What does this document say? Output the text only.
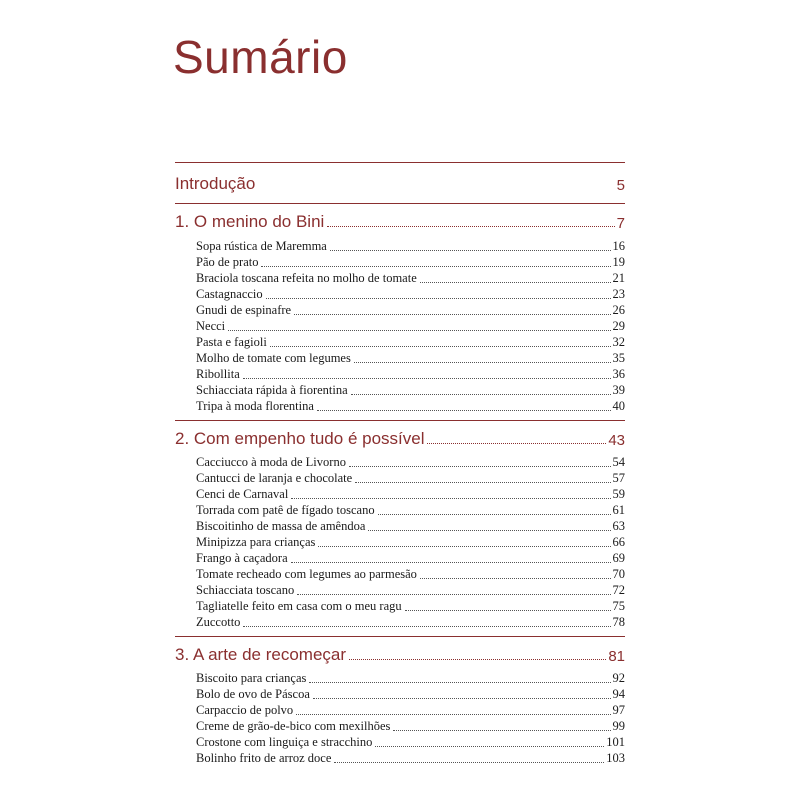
Sumário
Introdução	5
1. O menino do Bini	7
Sopa rústica de Maremma	16
Pão de prato	19
Braciola toscana refeita no molho de tomate	21
Castagnaccio	23
Gnudi de espinafre	26
Necci	29
Pasta e fagioli	32
Molho de tomate com legumes	35
Ribollita	36
Schiacciata rápida à fiorentina	39
Tripa à moda florentina	40
2. Com empenho tudo é possível	43
Cacciucco à moda de Livorno	54
Cantucci de laranja e chocolate	57
Cenci de Carnaval	59
Torrada com patê de fígado toscano	61
Biscoitinho de massa de amêndoa	63
Minipizza para crianças	66
Frango à caçadora	69
Tomate recheado com legumes ao parmesão	70
Schiacciata toscano	72
Tagliatelle feito em casa com o meu ragu	75
Zuccotto	78
3. A arte de recomeçar	81
Biscoito para crianças	92
Bolo de ovo de Páscoa	94
Carpaccio de polvo	97
Creme de grão-de-bico com mexilhões	99
Crostone com linguiça e stracchino	101
Bolinho frito de arroz doce	103
